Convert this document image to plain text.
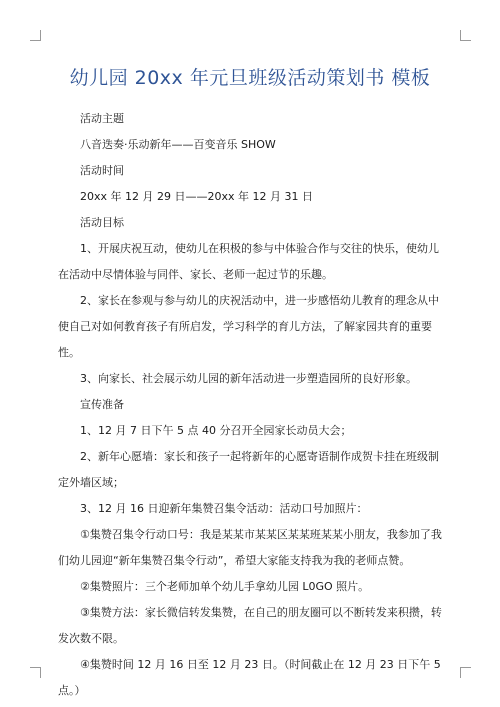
幼儿园 20xx 年元旦班级活动策划书 模板

活动主题

八音迭奏·乐动新年——百变音乐 SHOW

活动时间

20xx 年 12 月 29 日——20xx 年 12 月 31 日

活动目标

1、开展庆祝互动，使幼儿在积极的参与中体验合作与交往的快乐，使幼儿在活动中尽情体验与同伴、家长、老师一起过节的乐趣。

2、家长在参观与参与幼儿的庆祝活动中，进一步感悟幼儿教育的理念从中使自己对如何教育孩子有所启发，学习科学的育儿方法，了解家园共育的重要性。

3、向家长、社会展示幼儿园的新年活动进一步塑造园所的良好形象。

宣传准备

1、12 月 7 日下午 5 点 40 分召开全园家长动员大会；

2、新年心愿墙：家长和孩子一起将新年的心愿寄语制作成贺卡挂在班级制定外墙区域；

3、12 月 16 日迎新年集赞召集令活动：活动口号加照片：

①集赞召集令行动口号：我是某某市某某区某某班某某小朋友，我参加了我们幼儿园迎“新年集赞召集令行动”，希望大家能支持我为我的老师点赞。

②集赞照片：三个老师加单个幼儿手拿幼儿园 L0GO 照片。

③集赞方法：家长微信转发集赞，在自己的朋友圈可以不断转发来积攒，转发次数不限。

④集赞时间 12 月 16 日至 12 月 23 日。（时间截止在 12 月 23 日下午 5 点。）
